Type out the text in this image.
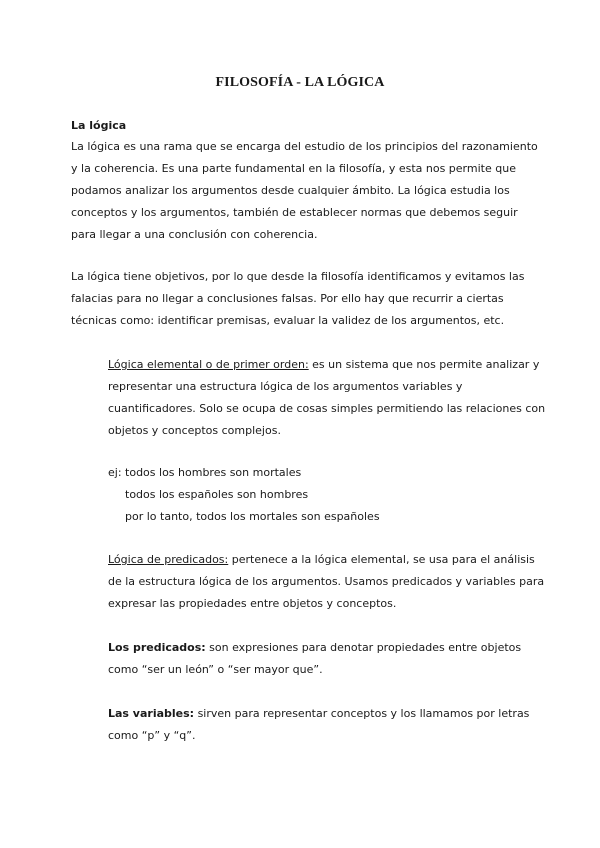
FILOSOFÍA - LA LÓGICA
La lógica

La lógica es una rama que se encarga del estudio de los principios del razonamiento y la coherencia. Es una parte fundamental en la filosofía, y esta nos permite que podamos analizar los argumentos desde cualquier ámbito. La lógica estudia los conceptos y los argumentos, también de establecer normas que debemos seguir para llegar a una conclusión con coherencia.

La lógica tiene objetivos, por lo que desde la filosofía identificamos y evitamos las falacias para no llegar a conclusiones falsas. Por ello hay que recurrir a ciertas técnicas como: identificar premisas, evaluar la validez de los argumentos, etc.

Lógica elemental o de primer orden: es un sistema que nos permite analizar y representar una estructura lógica de los argumentos variables y cuantificadores. Solo se ocupa de cosas simples permitiendo las relaciones con objetos y conceptos complejos.

ej: todos los hombres son mortales
todos los españoles son hombres
por lo tanto, todos los mortales son españoles

Lógica de predicados: pertenece a la lógica elemental, se usa para el análisis de la estructura lógica de los argumentos. Usamos predicados y variables para expresar las propiedades entre objetos y conceptos.

Los predicados: son expresiones para denotar propiedades entre objetos como “ser un león” o “ser mayor que”.

Las variables: sirven para representar conceptos y los llamamos por letras como “p” y “q”.
